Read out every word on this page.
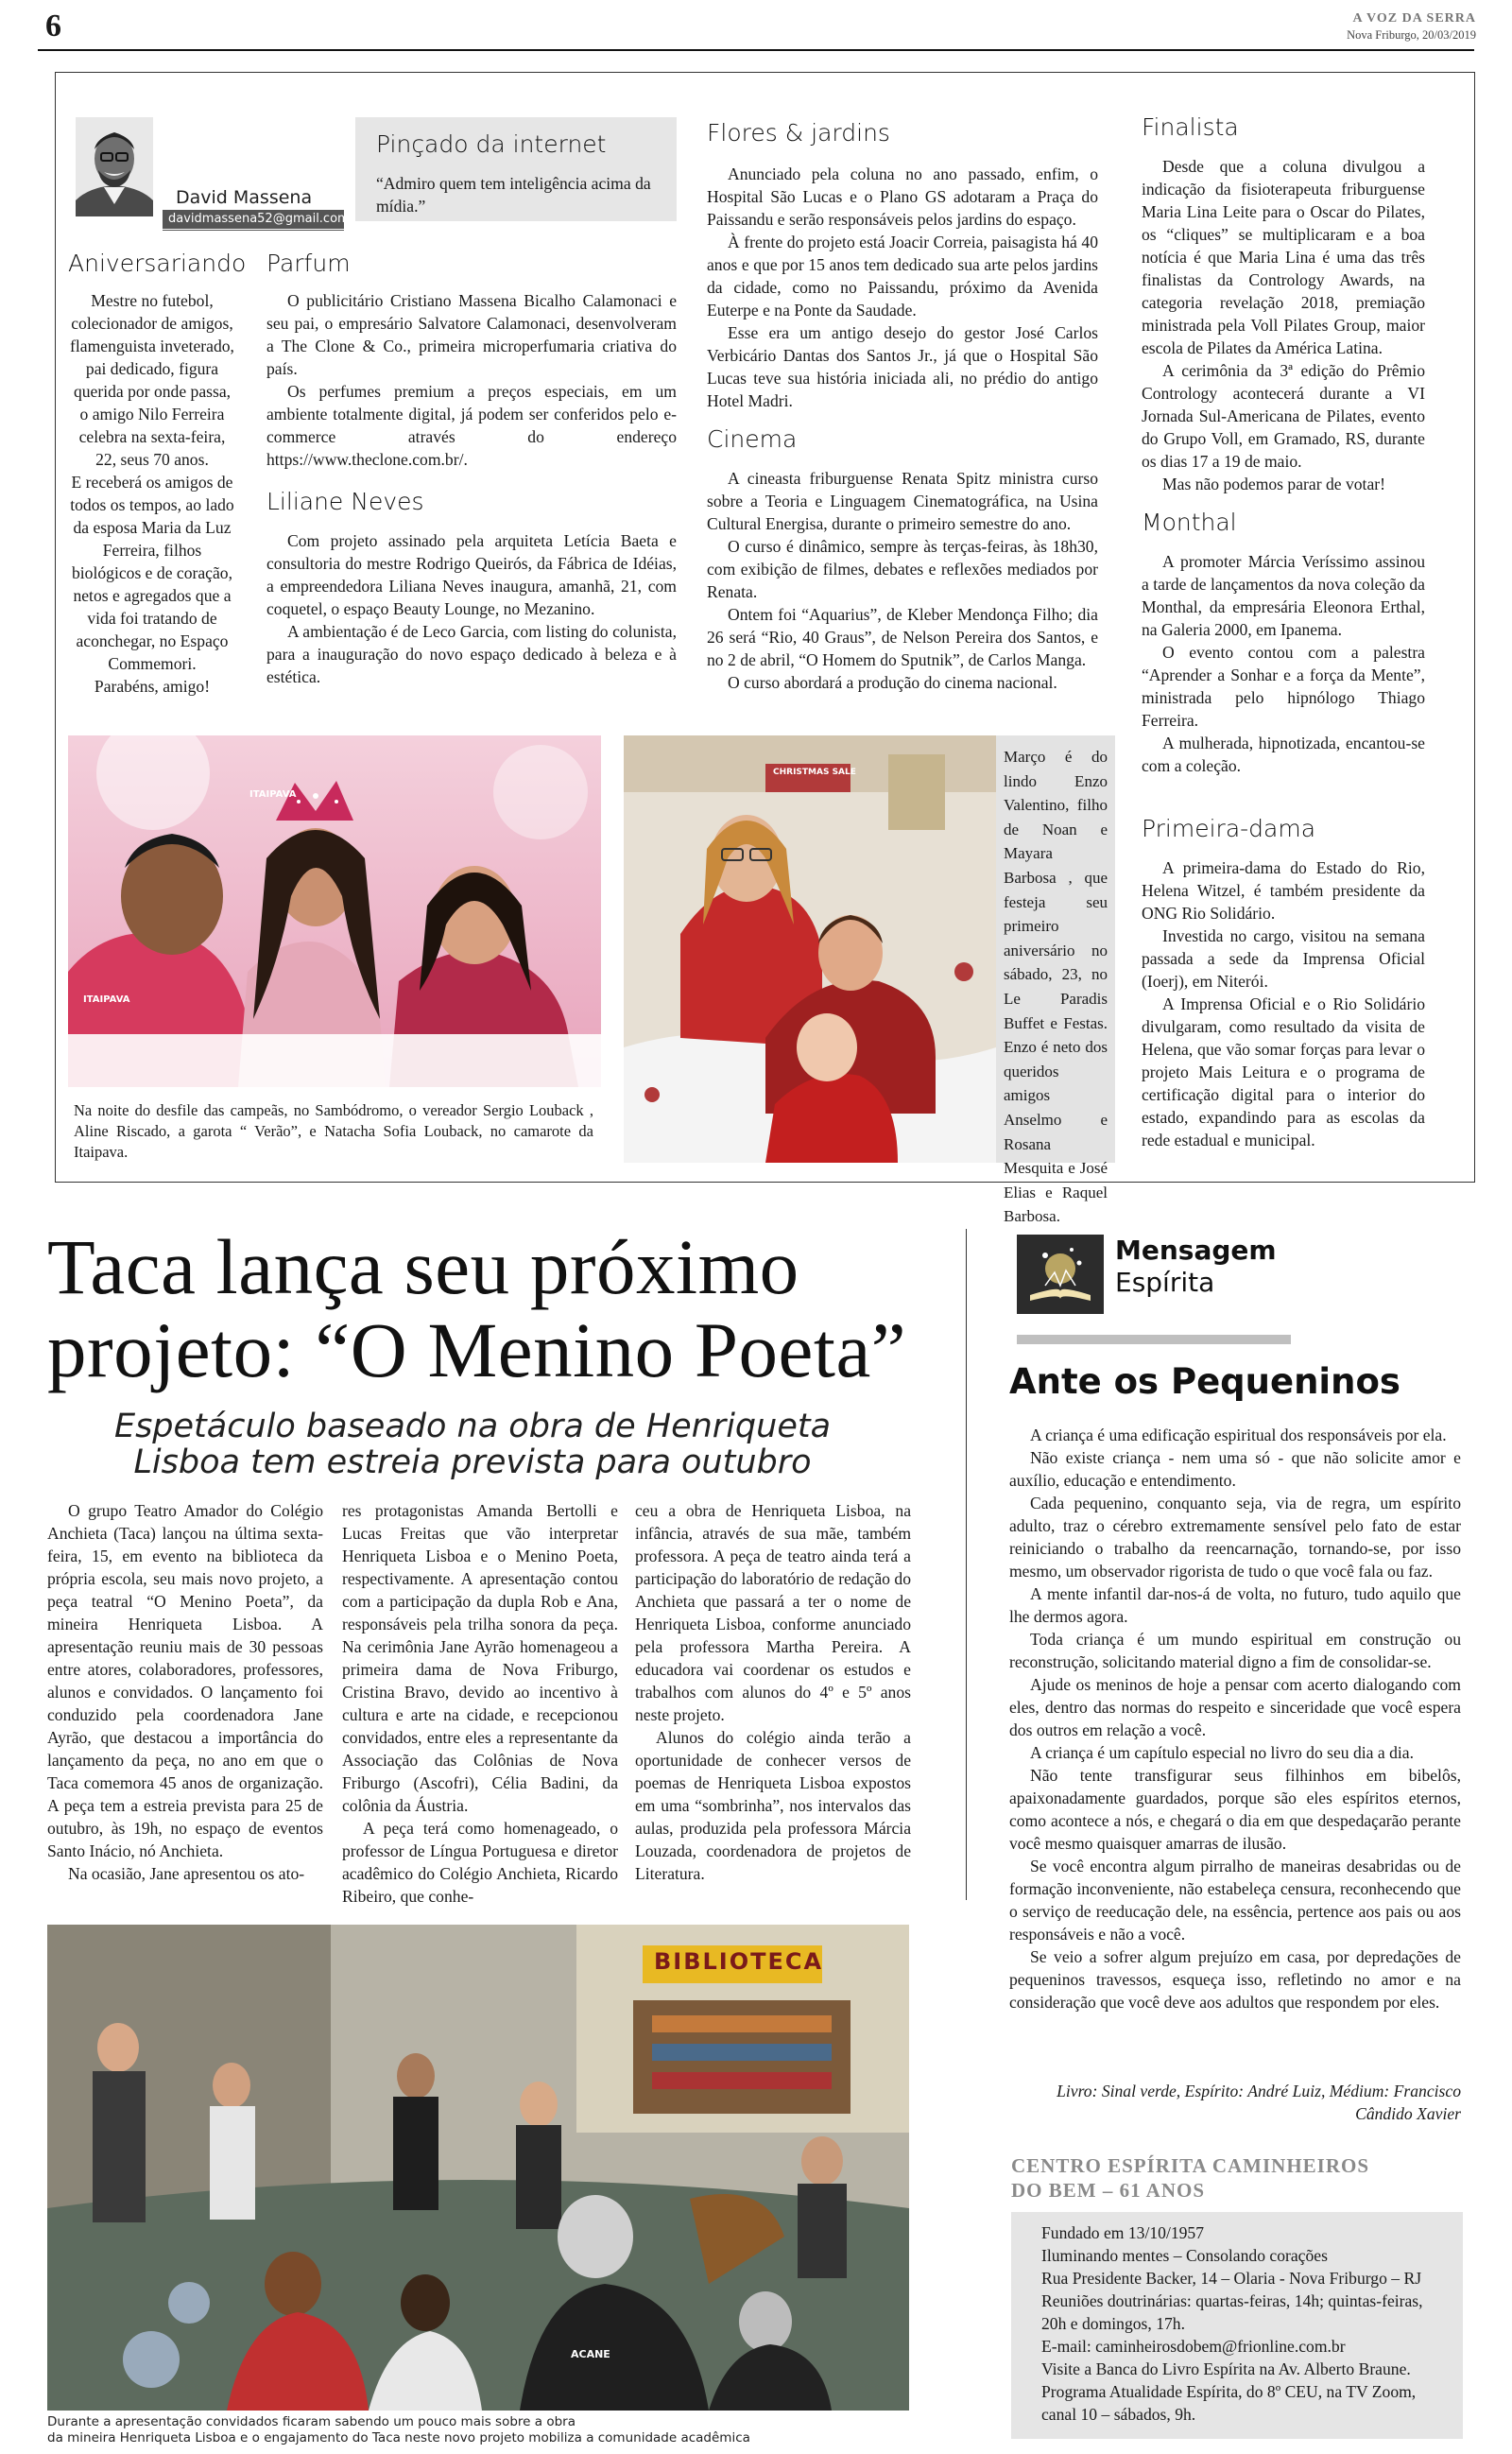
6	A VOZ DA SERRA
Nova Friburgo, 20/03/2019
David Massena
davidmassena52@gmail.com
Pinçado da internet
“Admiro quem tem inteligência acima da mídia.”
Aniversariando

Mestre no futebol, colecionador de amigos, flamenguista inveterado, pai dedicado, figura querida por onde passa, o amigo Nilo Ferreira celebra na sexta-feira, 22, seus 70 anos.

E receberá os amigos de todos os tempos, ao lado da esposa Maria da Luz Ferreira, filhos biológicos e de coração, netos e agregados que a vida foi tratando de aconchegar, no Espaço Commemori.

Parabéns, amigo!

Parfum

O publicitário Cristiano Massena Bicalho Calamonaci e seu pai, o empresário Salvatore Calamonaci, desenvolveram a The Clone & Co., primeira microperfumaria criativa do país.

Os perfumes premium a preços especiais, em um ambiente totalmente digital, já podem ser conferidos pelo e-commerce através do endereço https://www.theclone.com.br/.

Liliane Neves

Com projeto assinado pela arquiteta Letícia Baeta e consultoria do mestre Rodrigo Queirós, da Fábrica de Idéias, a empreendedora Liliana Neves inaugura, amanhã, 21, com coquetel, o espaço Beauty Lounge, no Mezanino.

A ambientação é de Leco Garcia, com listing do colunista, para a inauguração do novo espaço dedicado à beleza e à estética.

Flores & jardins

Anunciado pela coluna no ano passado, enfim, o Hospital São Lucas e o Plano GS adotaram a Praça do Paissandu e serão responsáveis pelos jardins do espaço.

À frente do projeto está Joacir Correia, paisagista há 40 anos e que por 15 anos tem dedicado sua arte pelos jardins da cidade, como no Paissandu, próximo da Avenida Euterpe e na Ponte da Saudade.

Esse era um antigo desejo do gestor José Carlos Verbicário Dantas dos Santos Jr., já que o Hospital São Lucas teve sua história iniciada ali, no prédio do antigo Hotel Madri.

Cinema

A cineasta friburguense Renata Spitz ministra curso sobre a Teoria e Linguagem Cinematográfica, na Usina Cultural Energisa, durante o primeiro semestre do ano.

O curso é dinâmico, sempre às terças-feiras, às 18h30, com exibição de filmes, debates e reflexões mediados por Renata.

Ontem foi “Aquarius”, de Kleber Mendonça Filho; dia 26 será “Rio, 40 Graus”, de Nelson Pereira dos Santos, e no 2 de abril, “O Homem do Sputnik”, de Carlos Manga.

O curso abordará a produção do cinema nacional.

Finalista

Desde que a coluna divulgou a indicação da fisioterapeuta friburguense Maria Lina Leite para o Oscar do Pilates, os “cliques” se multiplicaram e a boa notícia é que Maria Lina é uma das três finalistas da Contrology Awards, na categoria revelação 2018, premiação ministrada pela Voll Pilates Group, maior escola de Pilates da América Latina.

A cerimônia da 3ª edição do Prêmio Contrology acontecerá durante a VI Jornada Sul-Americana de Pilates, evento do Grupo Voll, em Gramado, RS, durante os dias 17 a 19 de maio.

Mas não podemos parar de votar!

Monthal

A promoter Márcia Veríssimo assinou a tarde de lançamentos da nova coleção da Monthal, da empresária Eleonora Erthal, na Galeria 2000, em Ipanema.

O evento contou com a palestra “Aprender a Sonhar e a força da Mente”, ministrada pelo hipnólogo Thiago Ferreira.

A mulherada, hipnotizada, encantou-se com a coleção.

Primeira-dama

A primeira-dama do Estado do Rio, Helena Witzel, é também presidente da ONG Rio Solidário.

Investida no cargo, visitou na semana passada a sede da Imprensa Oficial (Ioerj), em Niterói.

A Imprensa Oficial e o Rio Solidário divulgaram, como resultado da visita de Helena, que vão somar forças para levar o projeto Mais Leitura e o programa de certificação digital para o interior do estado, expandindo para as escolas da rede estadual e municipal.

ITAIPAVA
ITAIPAVA
Na noite do desfile das campeãs, no Sambódromo, o vereador Sergio Louback , Aline Riscado, a garota “ Verão”, e Natacha Sofia Louback, no camarote da Itaipava.
CHRISTMAS SALE
Março é do lindo Enzo Valentino, filho de Noan e Mayara Barbosa , que festeja seu primeiro aniversário no sábado, 23, no Le Paradis Buffet e Festas. Enzo é neto dos queridos amigos Anselmo e Rosana Mesquita e José Elias e Raquel Barbosa.
Taca lança seu próximo
projeto: “O Menino Poeta”
Espetáculo baseado na obra de Henriqueta
Lisboa tem estreia prevista para outubro

O grupo Teatro Amador do Colégio Anchieta (Taca) lançou na última sexta-feira, 15, em evento na biblioteca da própria escola, seu mais novo projeto, a peça teatral “O Menino Poeta”, da mineira Henriqueta Lisboa. A apresentação reuniu mais de 30 pessoas entre atores, colaboradores, professores, alunos e convidados. O lançamento foi conduzido pela coordenadora Jane Ayrão, que destacou a importância do lançamento da peça, no ano em que o Taca comemora 45 anos de organização. A peça tem a estreia prevista para 25 de outubro, às 19h, no espaço de eventos Santo Inácio, nó Anchieta.

Na ocasião, Jane apresentou os ato-

res protagonistas Amanda Bertolli e Lucas Freitas que vão interpretar Henriqueta Lisboa e o Menino Poeta, respectivamente. A apresentação contou com a participação da dupla Rob e Ana, responsáveis pela trilha sonora da peça. Na cerimônia Jane Ayrão homenageou a primeira dama de Nova Friburgo, Cristina Bravo, devido ao incentivo à cultura e arte na cidade, e recepcionou convidados, entre eles a representante da Associação das Colônias de Nova Friburgo (Ascofri), Célia Badini, da colônia da Áustria.

A peça terá como homenageado, o professor de Língua Portuguesa e diretor acadêmico do Colégio Anchieta, Ricardo Ribeiro, que conhe-

ceu a obra de Henriqueta Lisboa, na infância, através de sua mãe, também professora. A peça de teatro ainda terá a participação do laboratório de redação do Anchieta que passará a ter o nome de Henriqueta Lisboa, conforme anunciado pela professora Martha Pereira. A educadora vai coordenar os estudos e trabalhos com alunos do 4º e 5º anos neste projeto.

Alunos do colégio ainda terão a oportunidade de conhecer versos de poemas de Henriqueta Lisboa expostos em uma “sombrinha”, nos intervalos das aulas, produzida pela professora Márcia Louzada, coordenadora de projetos de Literatura.

BIBLIOTECA
ACANE
Durante a apresentação convidados ficaram sabendo um pouco mais sobre a obra
da mineira Henriqueta Lisboa e o engajamento do Taca neste novo projeto mobiliza a comunidade acadêmica
Mensagem
Espírita
Ante os Pequeninos

A criança é uma edificação espiritual dos responsáveis por ela.

Não existe criança - nem uma só - que não solicite amor e auxílio, educação e entendimento.

Cada pequenino, conquanto seja, via de regra, um espírito adulto, traz o cérebro extremamente sensível pelo fato de estar reiniciando o trabalho da reencarnação, tornando-se, por isso mesmo, um observador rigorista de tudo o que você fala ou faz.

A mente infantil dar-nos-á de volta, no futuro, tudo aquilo que lhe dermos agora.

Toda criança é um mundo espiritual em construção ou reconstrução, solicitando material digno a fim de consolidar-se.

Ajude os meninos de hoje a pensar com acerto dialogando com eles, dentro das normas do respeito e sinceridade que você espera dos outros em relação a você.

A criança é um capítulo especial no livro do seu dia a dia.

Não tente transfigurar seus filhinhos em bibelôs, apaixonadamente guardados, porque são eles espíritos eternos, como acontece a nós, e chegará o dia em que despedaçarão perante você mesmo quaisquer amarras de ilusão.

Se você encontra algum pirralho de maneiras desabridas ou de formação inconveniente, não estabeleça censura, reconhecendo que o serviço de reeducação dele, na essência, pertence aos pais ou aos responsáveis e não a você.

Se veio a sofrer algum prejuízo em casa, por depredações de pequeninos travessos, esqueça isso, refletindo no amor e na consideração que você deve aos adultos que respondem por eles.

Livro: Sinal verde, Espírito: André Luiz, Médium: Francisco
Cândido Xavier
CENTRO ESPÍRITA CAMINHEIROS
DO BEM – 61 ANOS

Fundado em 13/10/1957

Iluminando mentes – Consolando corações

Rua Presidente Backer, 14 – Olaria - Nova Friburgo – RJ

Reuniões doutrinárias: quartas-feiras, 14h; quintas-feiras, 20h e domingos, 17h.

E-mail: caminheirosdobem@frionline.com.br

Visite a Banca do Livro Espírita na Av. Alberto Braune.

Programa Atualidade Espírita, do 8º CEU, na TV Zoom, canal 10 – sábados, 9h.
